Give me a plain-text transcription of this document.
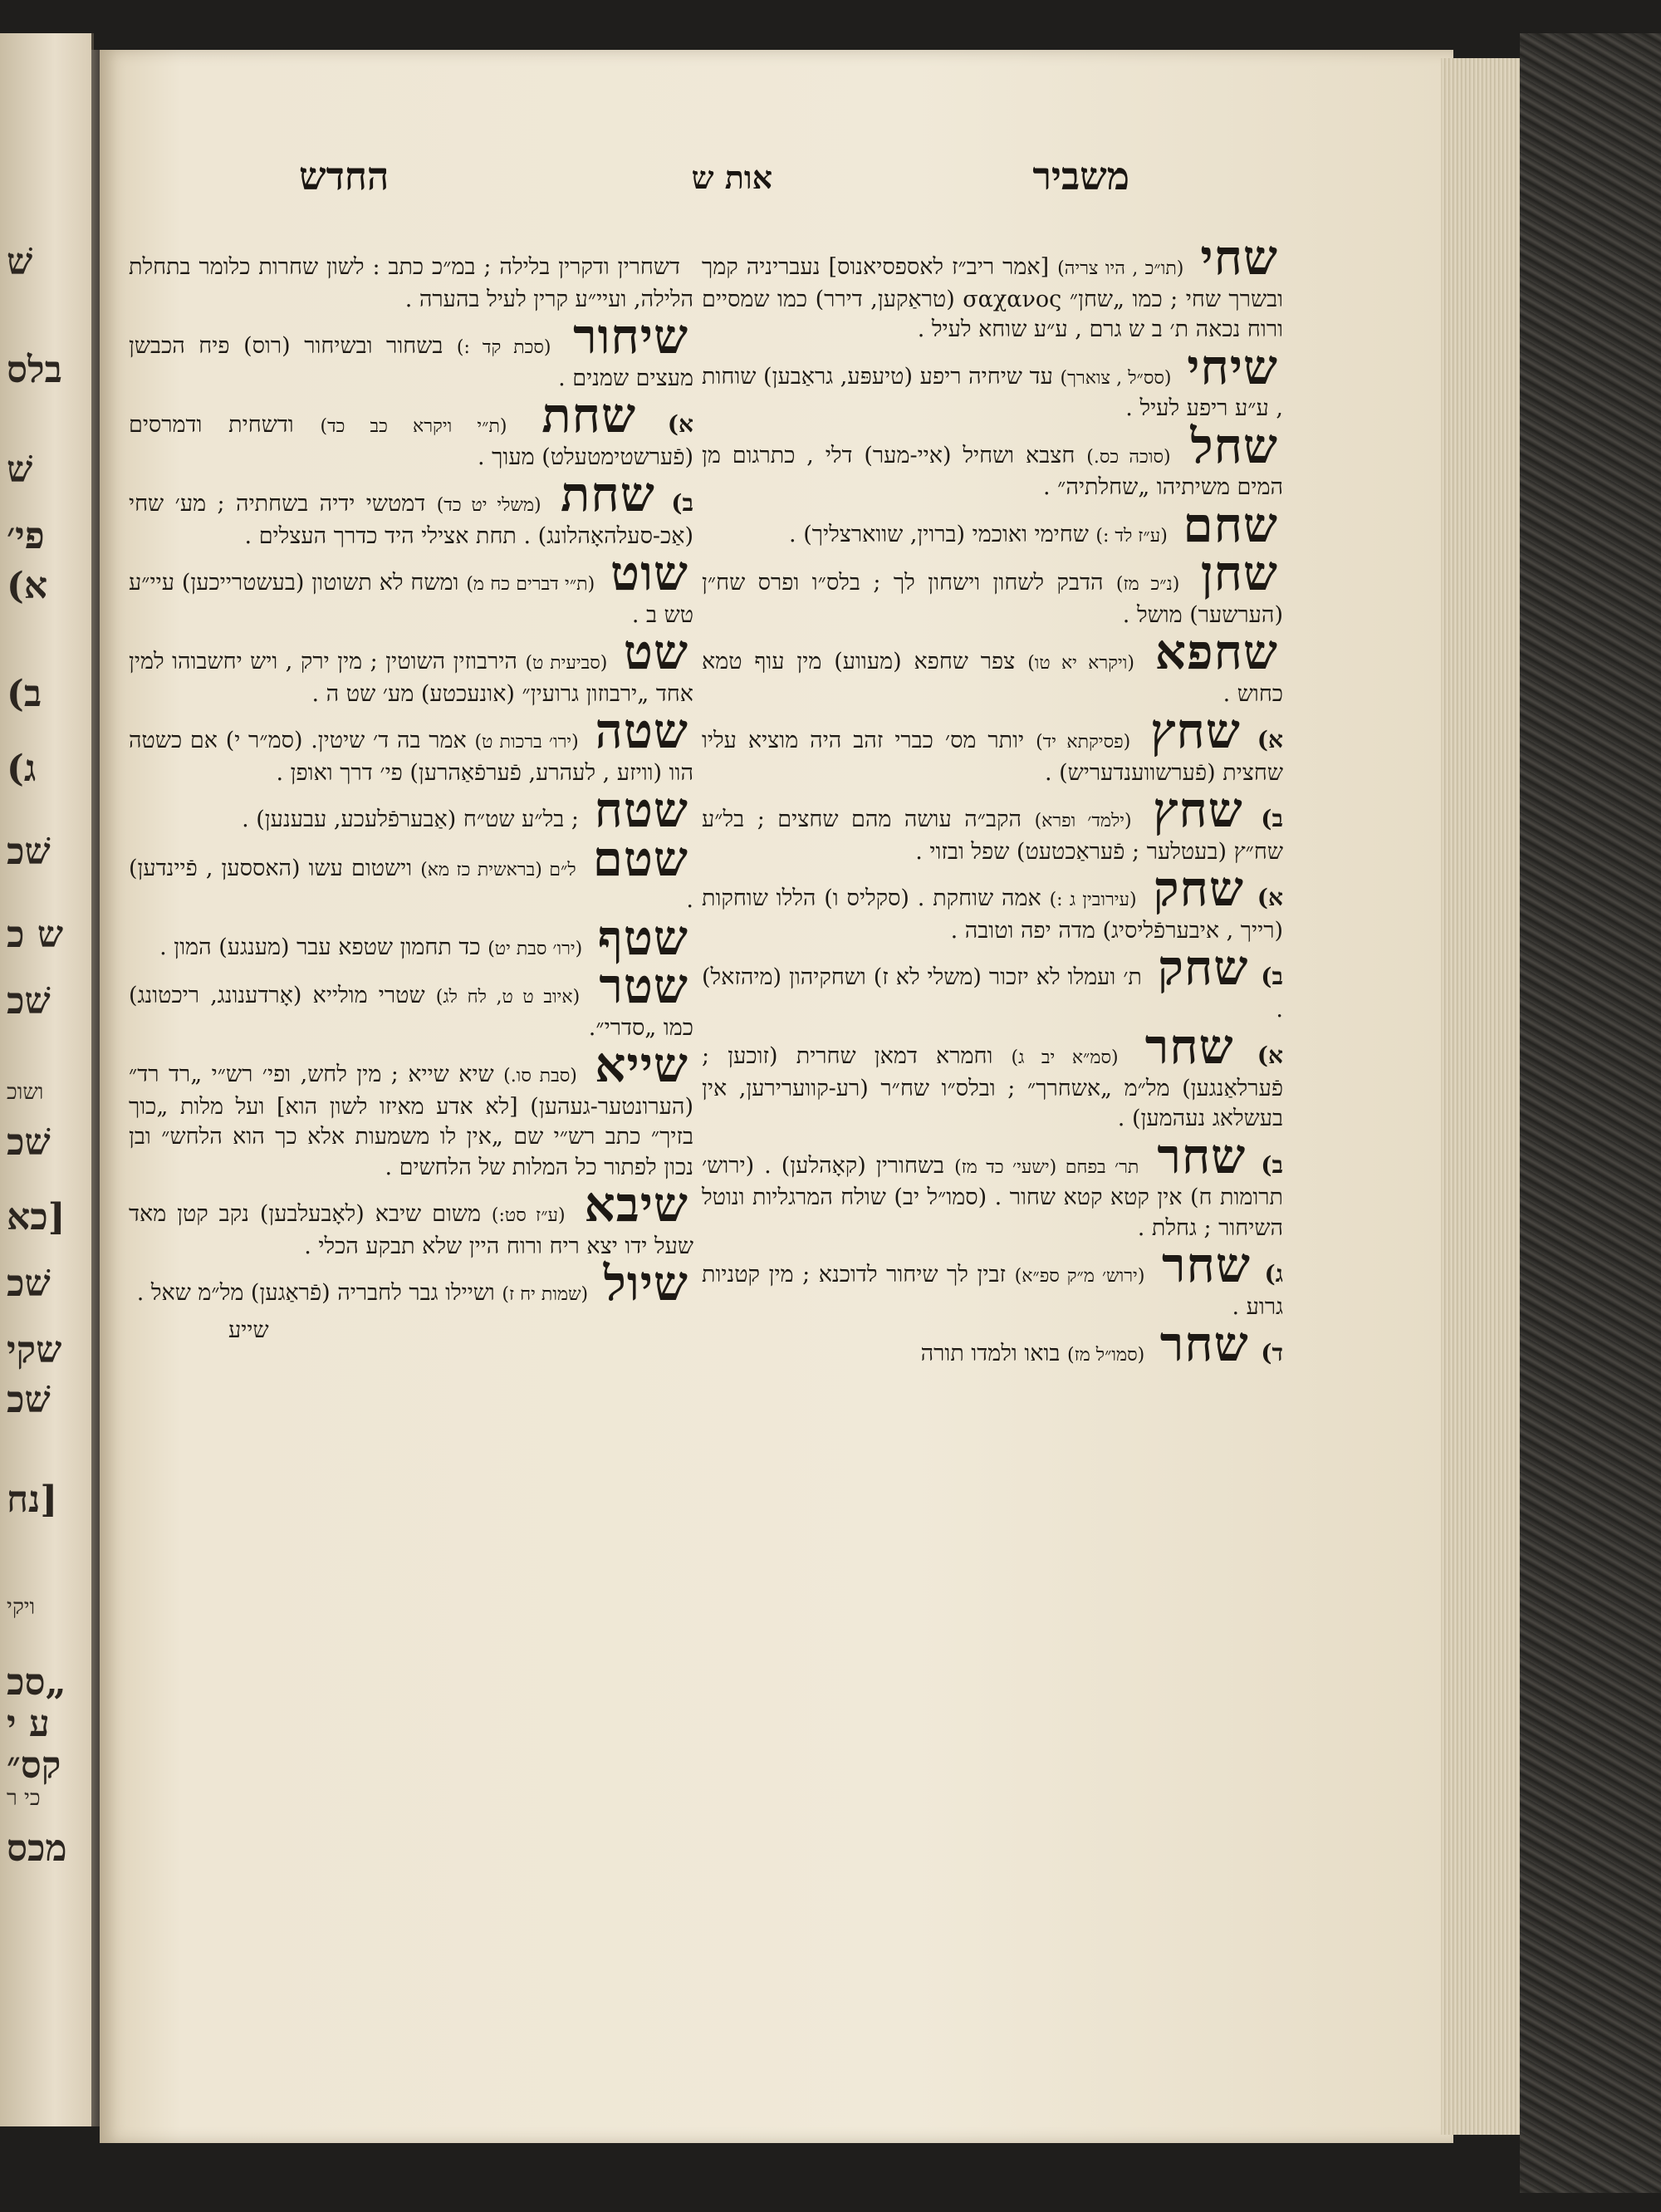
שׁ
בלס
שׁ
פי׳
א)
ב)
ג)
שׁכ
ש כ
שׁכ
ושוכ
שׁכ
[כא
שׁכ
שקי
שׁכ
[נח
ויקי
„סכ
ע י
קס״
כי ר
מכס
משביר
אות ש
החדש
שחי (תו״כ , היו צריה) [אמר ריב״ז לאספסיאנוס] נעבריניה קמך ובשרך שחי ; כמו „שחן״ σαχανος (טראַקען, דירר) כמו שמסיים ורוח נכאה ת׳ ב ש גרם , ע״ע שוחא לעיל .
שיחי (סס״ל , צוארך) עד שיחיה ריפע (טיעפּע, גראַבען) שוחות , ע״ע ריפע לעיל .
שחל (סוכה כס.) חצבא ושחיל (איי-מער) דלי , כתרגום מן המים משיתיהו „שחלתיה״ .
שחם (ע״ז לד :) שחימי ואוכמי (ברוין, שווארצליך) .
שחן (נ״כ מז) הדבק לשחון וישחון לך ; בלס״ו ופרס שח״ן (הערשער) מושל .
שחפא (ויקרא יא טו) צפר שחפא (מעווע) מין עוף טמא כחוש .
א) שחץ (פסיקתא יד) יותר מס׳ כברי זהב היה מוציא עליו שחצית (פֿערשווענדעריש) .
ב) שחץ (ילמד׳ ופרא) הקב״ה עושה מהם שחצים ; בל״ע שח״ץ (בעטלער ; פֿעראַכטעט) שפל ובזוי .
א) שחק (עירובין ג :) אמה שוחקת . (סקליס ו) הללו שוחקות (רייך , איבערפֿליסיג) מדה יפה וטובה .
ב) שחק ת׳ ועמלו לא יזכור (משלי לא ז) ושחקיהון (מיהזאל) .
א) שחר (סמ״א יב ג) וחמרא דמאן שחרית (זוכען ; פֿערלאַנגען) מל״מ „אשחרך״ ; ובלס״ו שח״ר (רע-קווערירען, אין בעשלאג נעהמען) .
ב) שחר תר׳ בפחם (ישעי׳ כד מז) בשחורין (קאָהלען) . (ירוש׳ תרומות ח) אין קטא קטא שחור . (סמו״ל יב) שולח המרגליות ונוטל השיחור ; גחלת .
ג) שחר (ירוש׳ מ״ק ספ״א) זבין לך שיחור לדוכנא ; מין קטניות גרוע .
ד) שחר (סמו״ל מז) בואו ולמדו תורה
דשחרין ודקרין בלילה ; במ״כ כתב : לשון שחרות כלומר בתחלת הלילה, ועיי״ע קרין לעיל בהערה .
שיחור (סכת קד :) בשחור ובשיחור (רוס) פיח הכבשן מעצים שמנים .
א) שחת (ת״י ויקרא כב כד) ודשחית ודמרסים (פֿערשטימטעלט) מעוך .
ב) שחת (משלי יט כד) דמטשי ידיה בשחתיה ; מע׳ שחי (אַכ-סעלהאָהלונג) . תחת אצילי היד כדרך העצלים .
שוט (ת״י דברים כח מ) ומשח לא תשוטון (בעשטרייכען) עיי״ע טש ב .
שט (סביעית ט) הירבוזין השוטין ; מין ירק , ויש יחשבוהו למין אחד „ירבוזון גרועין״ (אונעכטע) מע׳ שט ה .
שטה (ירו׳ ברכות ט) אמר בה ד׳ שיטין. (סמ״ר י) אם כשטה הוו (וויזע , לעהרע, פֿערפֿאַהרען) פי׳ דרך ואופן .
שטח ; בל״ע שט״ח (אַבערפֿלעכע, עבענען) .
שטם ל״ם (בראשית כז מא) וישטום עשו (האססען , פֿיינדען) .
שטף (ירו׳ סבת יט) כד תחמון שטפא עבר (מענגע) המון .
שטר (איוב ט ט, לח לג) שטרי מולייא (אָרדענונג, ריכטונג) כמו „סדרי״.
שייא (סבת סו.) שיא שייא ; מין לחש, ופי׳ רש״י „רד רד״ (הערונטער-געהען) [לא אדע מאיזו לשון הוא] ועל מלות „כוך בזיך״ כתב רש״י שם „אין לו משמעות אלא כך הוא הלחש״ ובן נכון לפתור כל המלות של הלחשים .
שיבא (ע״ז סט:) משום שיבא (לאָבעלבען) נקב קטן מאד שעל ידו יצא ריח ורוח היין שלא תבקע הכלי .
שיול (שמות יח ז) ושיילו גבר לחבריה (פֿראַגען) מל״מ שאל .
שייע
